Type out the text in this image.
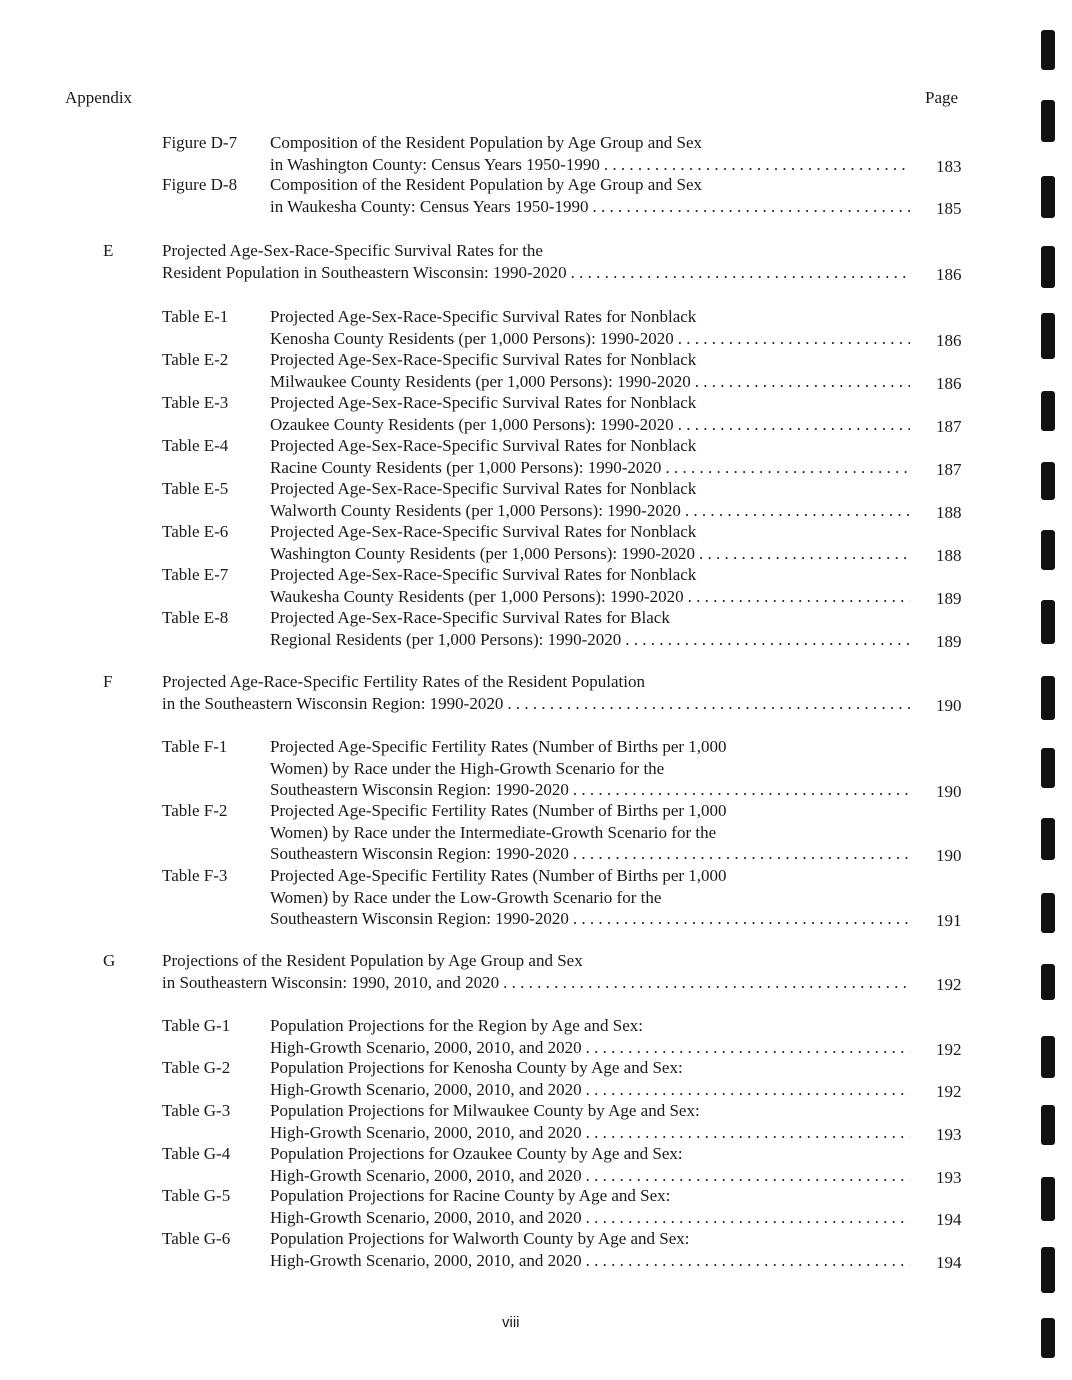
Appendix	Page
Figure D-7 Composition of the Resident Population by Age Group and Sex
in Washington County: Census Years 1950-1990 . . .	183
Figure D-8 Composition of the Resident Population by Age Group and Sex
in Waukesha County: Census Years 1950-1990 . . .	185
E	Projected Age-Sex-Race-Specific Survival Rates for the
Resident Population in Southeastern Wisconsin: 1990-2020 . . .	186
Table E-1 Projected Age-Sex-Race-Specific Survival Rates for Nonblack
Kenosha County Residents (per 1,000 Persons): 1990-2020 . . .	186
Table E-2 Projected Age-Sex-Race-Specific Survival Rates for Nonblack
Milwaukee County Residents (per 1,000 Persons): 1990-2020 . . .	186
Table E-3 Projected Age-Sex-Race-Specific Survival Rates for Nonblack
Ozaukee County Residents (per 1,000 Persons): 1990-2020 . . .	187
Table E-4 Projected Age-Sex-Race-Specific Survival Rates for Nonblack
Racine County Residents (per 1,000 Persons): 1990-2020 . . .	187
Table E-5 Projected Age-Sex-Race-Specific Survival Rates for Nonblack
Walworth County Residents (per 1,000 Persons): 1990-2020 . . .	188
Table E-6 Projected Age-Sex-Race-Specific Survival Rates for Nonblack
Washington County Residents (per 1,000 Persons): 1990-2020 . . .	188
Table E-7 Projected Age-Sex-Race-Specific Survival Rates for Nonblack
Waukesha County Residents (per 1,000 Persons): 1990-2020 . . .	189
Table E-8 Projected Age-Sex-Race-Specific Survival Rates for Black
Regional Residents (per 1,000 Persons): 1990-2020 . . .	189
F	Projected Age-Race-Specific Fertility Rates of the Resident Population
in the Southeastern Wisconsin Region: 1990-2020 . . .	190
Table F-1	Projected Age-Specific Fertility Rates (Number of Births per 1,000
Women) by Race under the High-Growth Scenario for the
Southeastern Wisconsin Region: 1990-2020 . . .	190
Table F-2	Projected Age-Specific Fertility Rates (Number of Births per 1,000
Women) by Race under the Intermediate-Growth Scenario for the
Southeastern Wisconsin Region: 1990-2020 . . .	190
Table F-3	Projected Age-Specific Fertility Rates (Number of Births per 1,000
Women) by Race under the Low-Growth Scenario for the
Southeastern Wisconsin Region: 1990-2020 . . .	191
G	Projections of the Resident Population by Age Group and Sex
in Southeastern Wisconsin: 1990, 2010, and 2020 . . .	192
Table G-1 Population Projections for the Region by Age and Sex:
High-Growth Scenario, 2000, 2010, and 2020 . . .	192
Table G-2 Population Projections for Kenosha County by Age and Sex:
High-Growth Scenario, 2000, 2010, and 2020 . . .	192
Table G-3 Population Projections for Milwaukee County by Age and Sex:
High-Growth Scenario, 2000, 2010, and 2020 . . .	193
Table G-4 Population Projections for Ozaukee County by Age and Sex:
High-Growth Scenario, 2000, 2010, and 2020 . . .	193
Table G-5 Population Projections for Racine County by Age and Sex:
High-Growth Scenario, 2000, 2010, and 2020 . . .	194
Table G-6 Population Projections for Walworth County by Age and Sex:
High-Growth Scenario, 2000, 2010, and 2020 . . .	194
viii
